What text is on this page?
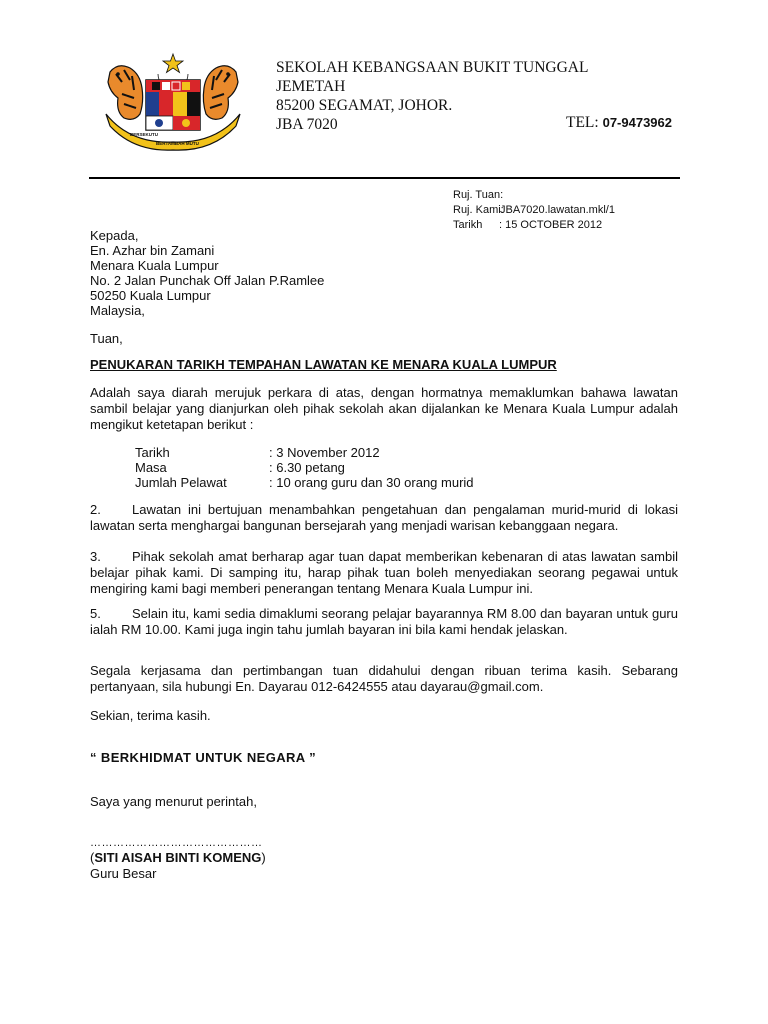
BERSEKUTU
BERTAMBAH MUTU
SEKOLAH KEBANGSAAN BUKIT TUNGGAL
JEMETAH
85200 SEGAMAT, JOHOR.
JBA 7020	TEL: 07-9473962
Ruj. Tuan:
Ruj. Kami:JBA7020.lawatan.mkl/1
Tarikh : 15 OCTOBER 2012
Kepada,
En. Azhar bin Zamani
Menara Kuala Lumpur
No. 2 Jalan Punchak Off Jalan P.Ramlee
50250 Kuala Lumpur
Malaysia,
Tuan,
PENUKARAN TARIKH TEMPAHAN LAWATAN KE MENARA KUALA LUMPUR

Adalah saya diarah merujuk perkara di atas, dengan hormatnya memaklumkan bahawa lawatan sambil belajar yang dianjurkan oleh pihak sekolah akan dijalankan ke Menara Kuala Lumpur adalah mengikut ketetapan berikut :

Tarikh	: 3 November 2012
Masa	: 6.30 petang
Jumlah Pelawat	: 10 orang guru dan 30 orang murid

2. Lawatan ini bertujuan menambahkan pengetahuan dan pengalaman murid-murid di lokasi lawatan serta menghargai bangunan bersejarah yang menjadi warisan kebanggaan negara.

3. Pihak sekolah amat berharap agar tuan dapat memberikan kebenaran di atas lawatan sambil belajar pihak kami. Di samping itu, harap pihak tuan boleh menyediakan seorang pegawai untuk mengiring kami bagi memberi penerangan tentang Menara Kuala Lumpur ini.

5. Selain itu, kami sedia dimaklumi seorang pelajar bayarannya RM 8.00 dan bayaran untuk guru ialah RM 10.00. Kami juga ingin tahu jumlah bayaran ini bila kami hendak jelaskan.

Segala kerjasama dan pertimbangan tuan didahului dengan ribuan terima kasih. Sebarang pertanyaan, sila hubungi En. Dayarau 012-6424555 atau dayarau@gmail.com.

Sekian, terima kasih.
“ BERKHIDMAT UNTUK NEGARA ”
Saya yang menurut perintah,
………………………………………
(SITI AISAH BINTI KOMENG)
Guru Besar
